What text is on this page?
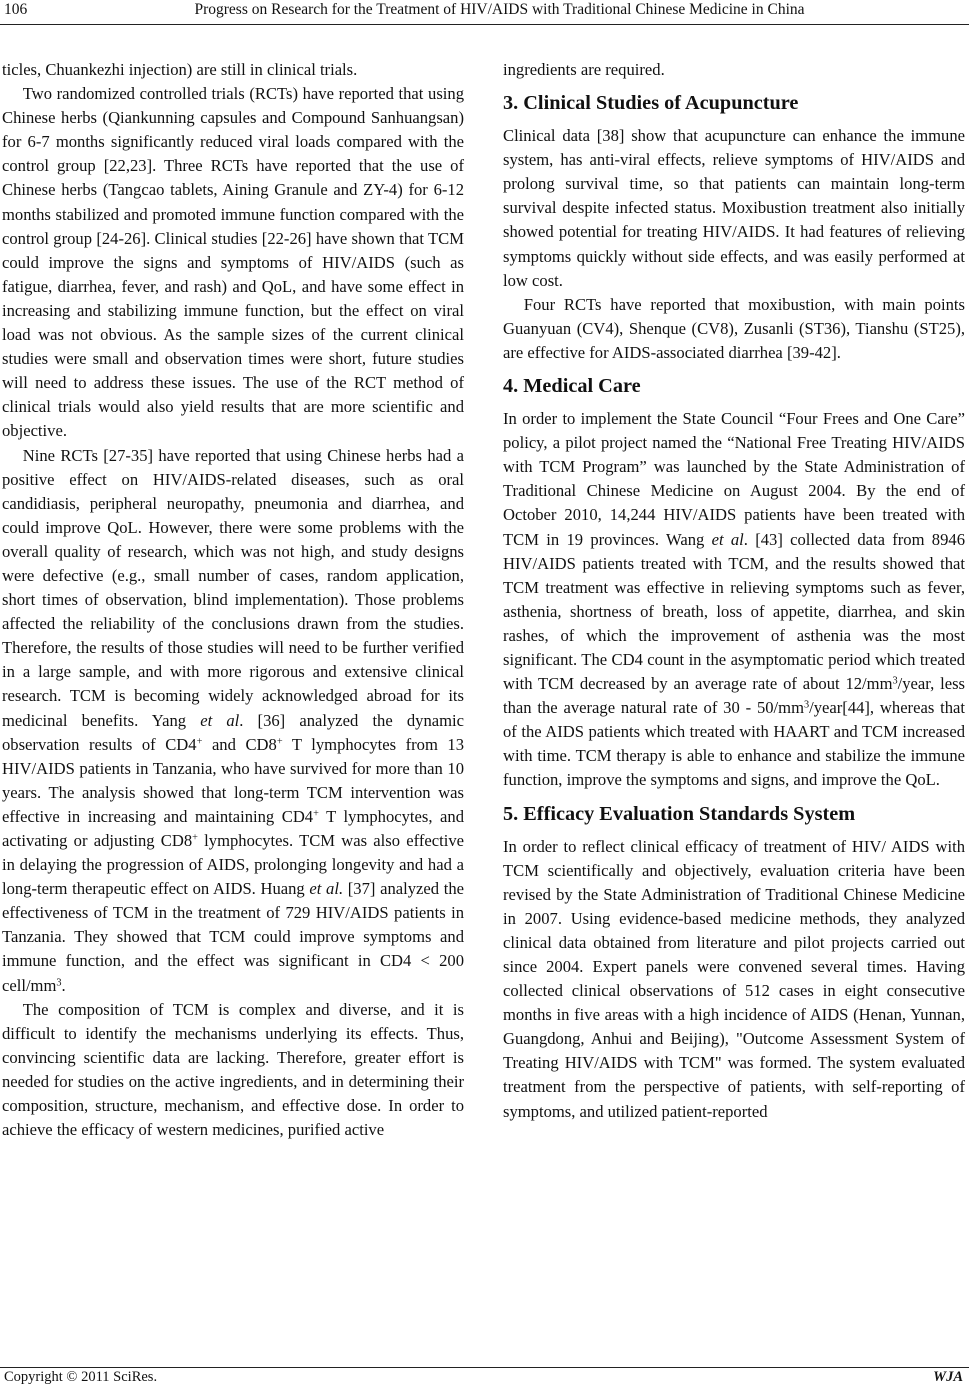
106	Progress on Research for the Treatment of HIV/AIDS with Traditional Chinese Medicine in China

ticles, Chuankezhi injection) are still in clinical trials.

Two randomized controlled trials (RCTs) have reported that using Chinese herbs (Qiankunning capsules and Compound Sanhuangsan) for 6-7 months significantly reduced viral loads compared with the control group [22,23]. Three RCTs have reported that the use of Chinese herbs (Tangcao tablets, Aining Granule and ZY-4) for 6-12 months stabilized and promoted immune function compared with the control group [24-26]. Clinical studies [22-26] have shown that TCM could improve the signs and symptoms of HIV/AIDS (such as fatigue, diarrhea, fever, and rash) and QoL, and have some effect in increasing and stabilizing immune function, but the effect on viral load was not obvious. As the sample sizes of the current clinical studies were small and observation times were short, future studies will need to address these issues. The use of the RCT method of clinical trials would also yield results that are more scientific and objective.

Nine RCTs [27-35] have reported that using Chinese herbs had a positive effect on HIV/AIDS-related diseases, such as oral candidiasis, peripheral neuropathy, pneumonia and diarrhea, and could improve QoL. However, there were some problems with the overall quality of research, which was not high, and study designs were defective (e.g., small number of cases, random application, short times of observation, blind implementation). Those problems affected the reliability of the conclusions drawn from the studies. Therefore, the results of those studies will need to be further verified in a large sample, and with more rigorous and extensive clinical research. TCM is becoming widely acknowledged abroad for its medicinal benefits. Yang et al. [36] analyzed the dynamic observation results of CD4+ and CD8+ T lymphocytes from 13 HIV/AIDS patients in Tanzania, who have survived for more than 10 years. The analysis showed that long-term TCM intervention was effective in increasing and maintaining CD4+ T lymphocytes, and activating or adjusting CD8+ lymphocytes. TCM was also effective in delaying the progression of AIDS, prolonging longevity and had a long-term therapeutic effect on AIDS. Huang et al. [37] analyzed the effectiveness of TCM in the treatment of 729 HIV/AIDS patients in Tanzania. They showed that TCM could improve symptoms and immune function, and the effect was significant in CD4 < 200 cell/$mm^3$.

The composition of TCM is complex and diverse, and it is difficult to identify the mechanisms underlying its effects. Thus, convincing scientific data are lacking. Therefore, greater effort is needed for studies on the active ingredients, and in determining their composition, structure, mechanism, and effective dose. In order to achieve the efficacy of western medicines, purified active

ingredients are required.

3. Clinical Studies of Acupuncture

Clinical data [38] show that acupuncture can enhance the immune system, has anti-viral effects, relieve symptoms of HIV/AIDS and prolong survival time, so that patients can maintain long-term survival despite infected status. Moxibustion treatment also initially showed potential for treating HIV/AIDS. It had features of relieving symptoms quickly without side effects, and was easily performed at low cost.

Four RCTs have reported that moxibustion, with main points Guanyuan (CV4), Shenque (CV8), Zusanli (ST36), Tianshu (ST25), are effective for AIDS-associated diarrhea [39-42].

4. Medical Care

In order to implement the State Council “Four Frees and One Care” policy, a pilot project named the “National Free Treating HIV/AIDS with TCM Program” was launched by the State Administration of Traditional Chinese Medicine on August 2004. By the end of October 2010, 14,244 HIV/AIDS patients have been treated with TCM in 19 provinces. Wang et al. [43] collected data from 8946 HIV/AIDS patients treated with TCM, and the results showed that TCM treatment was effective in relieving symptoms such as fever, asthenia, shortness of breath, loss of appetite, diarrhea, and skin rashes, of which the improvement of asthenia was the most significant. The CD4 count in the asymptomatic period which treated with TCM decreased by an average rate of about $12/mm^3$/year, less than the average natural rate of $30 - 50/mm^3/year[44]$, whereas that of the AIDS patients which treated with HAART and TCM increased with time. TCM therapy is able to enhance and stabilize the immune function, improve the symptoms and signs, and improve the QoL.

5. Efficacy Evaluation Standards System

In order to reflect clinical efficacy of treatment of HIV/ AIDS with TCM scientifically and objectively, evaluation criteria have been revised by the State Administration of Traditional Chinese Medicine in 2007. Using evidence-based medicine methods, they analyzed clinical data obtained from literature and pilot projects carried out since 2004. Expert panels were convened several times. Having collected clinical observations of 512 cases in eight consecutive months in five areas with a high incidence of AIDS (Henan, Yunnan, Guangdong, Anhui and Beijing), "Outcome Assessment System of Treating HIV/AIDS with TCM" was formed. The system evaluated treatment from the perspective of patients, with self-reporting of symptoms, and utilized patient-reported

Copyright © 2011 SciRes.	WJA
